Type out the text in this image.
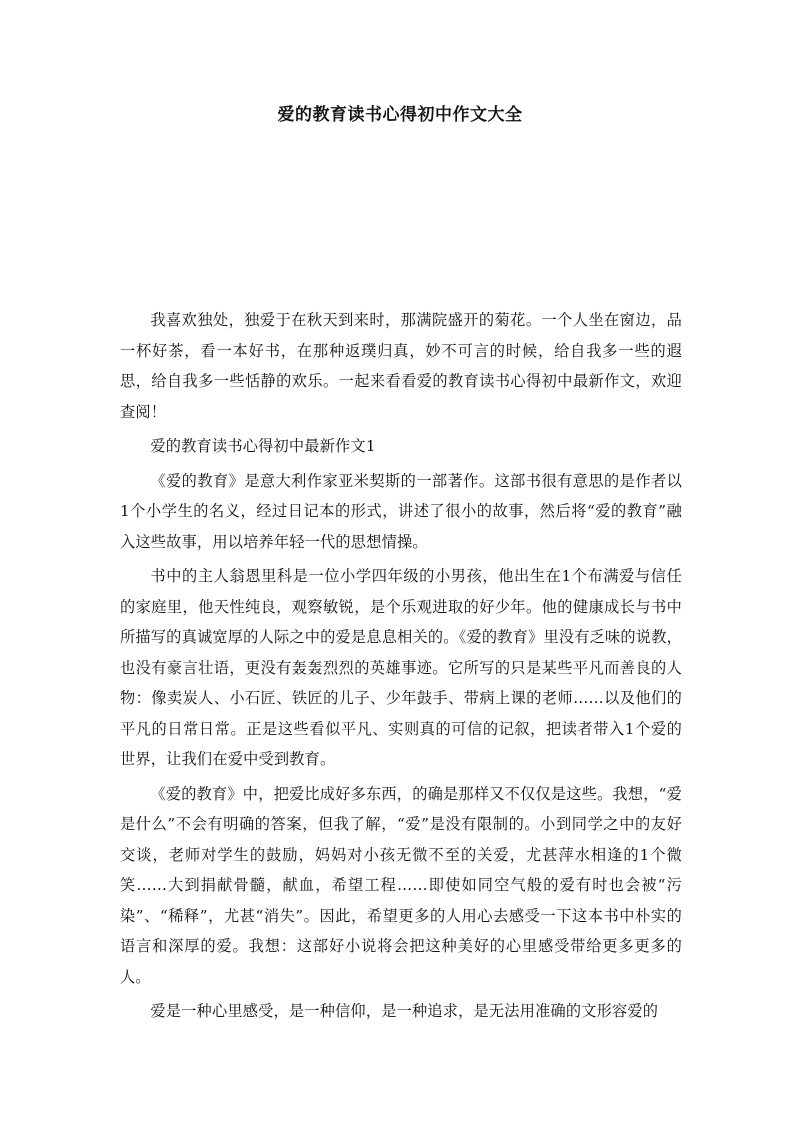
爱的教育读书心得初中作文大全

我喜欢独处，独爱于在秋天到来时，那满院盛开的菊花。一个人坐在窗边，品一杯好茶，看一本好书，在那种返璞归真，妙不可言的时候，给自我多一些的遐思，给自我多一些恬静的欢乐。一起来看看爱的教育读书心得初中最新作文，欢迎查阅！

爱的教育读书心得初中最新作文1

《爱的教育》是意大利作家亚米契斯的一部著作。这部书很有意思的是作者以1个小学生的名义，经过日记本的形式，讲述了很小的故事，然后将“爱的教育”融入这些故事，用以培养年轻一代的思想情操。

书中的主人翁恩里科是一位小学四年级的小男孩，他出生在1个布满爱与信任的家庭里，他天性纯良，观察敏锐，是个乐观进取的好少年。他的健康成长与书中所描写的真诚宽厚的人际之中的爱是息息相关的。《爱的教育》里没有乏味的说教，也没有豪言壮语，更没有轰轰烈烈的英雄事迹。它所写的只是某些平凡而善良的人物：像卖炭人、小石匠、铁匠的儿子、少年鼓手、带病上课的老师……以及他们的平凡的日常日常。正是这些看似平凡、实则真的可信的记叙，把读者带入1个爱的世界，让我们在爱中受到教育。

《爱的教育》中，把爱比成好多东西，的确是那样又不仅仅是这些。我想，“爱是什么”不会有明确的答案，但我了解，“爱”是没有限制的。小到同学之中的友好交谈，老师对学生的鼓励，妈妈对小孩无微不至的关爱，尤甚萍水相逢的1个微笑……大到捐献骨髓，献血，希望工程……即使如同空气般的爱有时也会被“污染”、“稀释”，尤甚“消失”。因此，希望更多的人用心去感受一下这本书中朴实的语言和深厚的爱。我想：这部好小说将会把这种美好的心里感受带给更多更多的人。

爱是一种心里感受，是一种信仰，是一种追求，是无法用准确的文形容爱的
